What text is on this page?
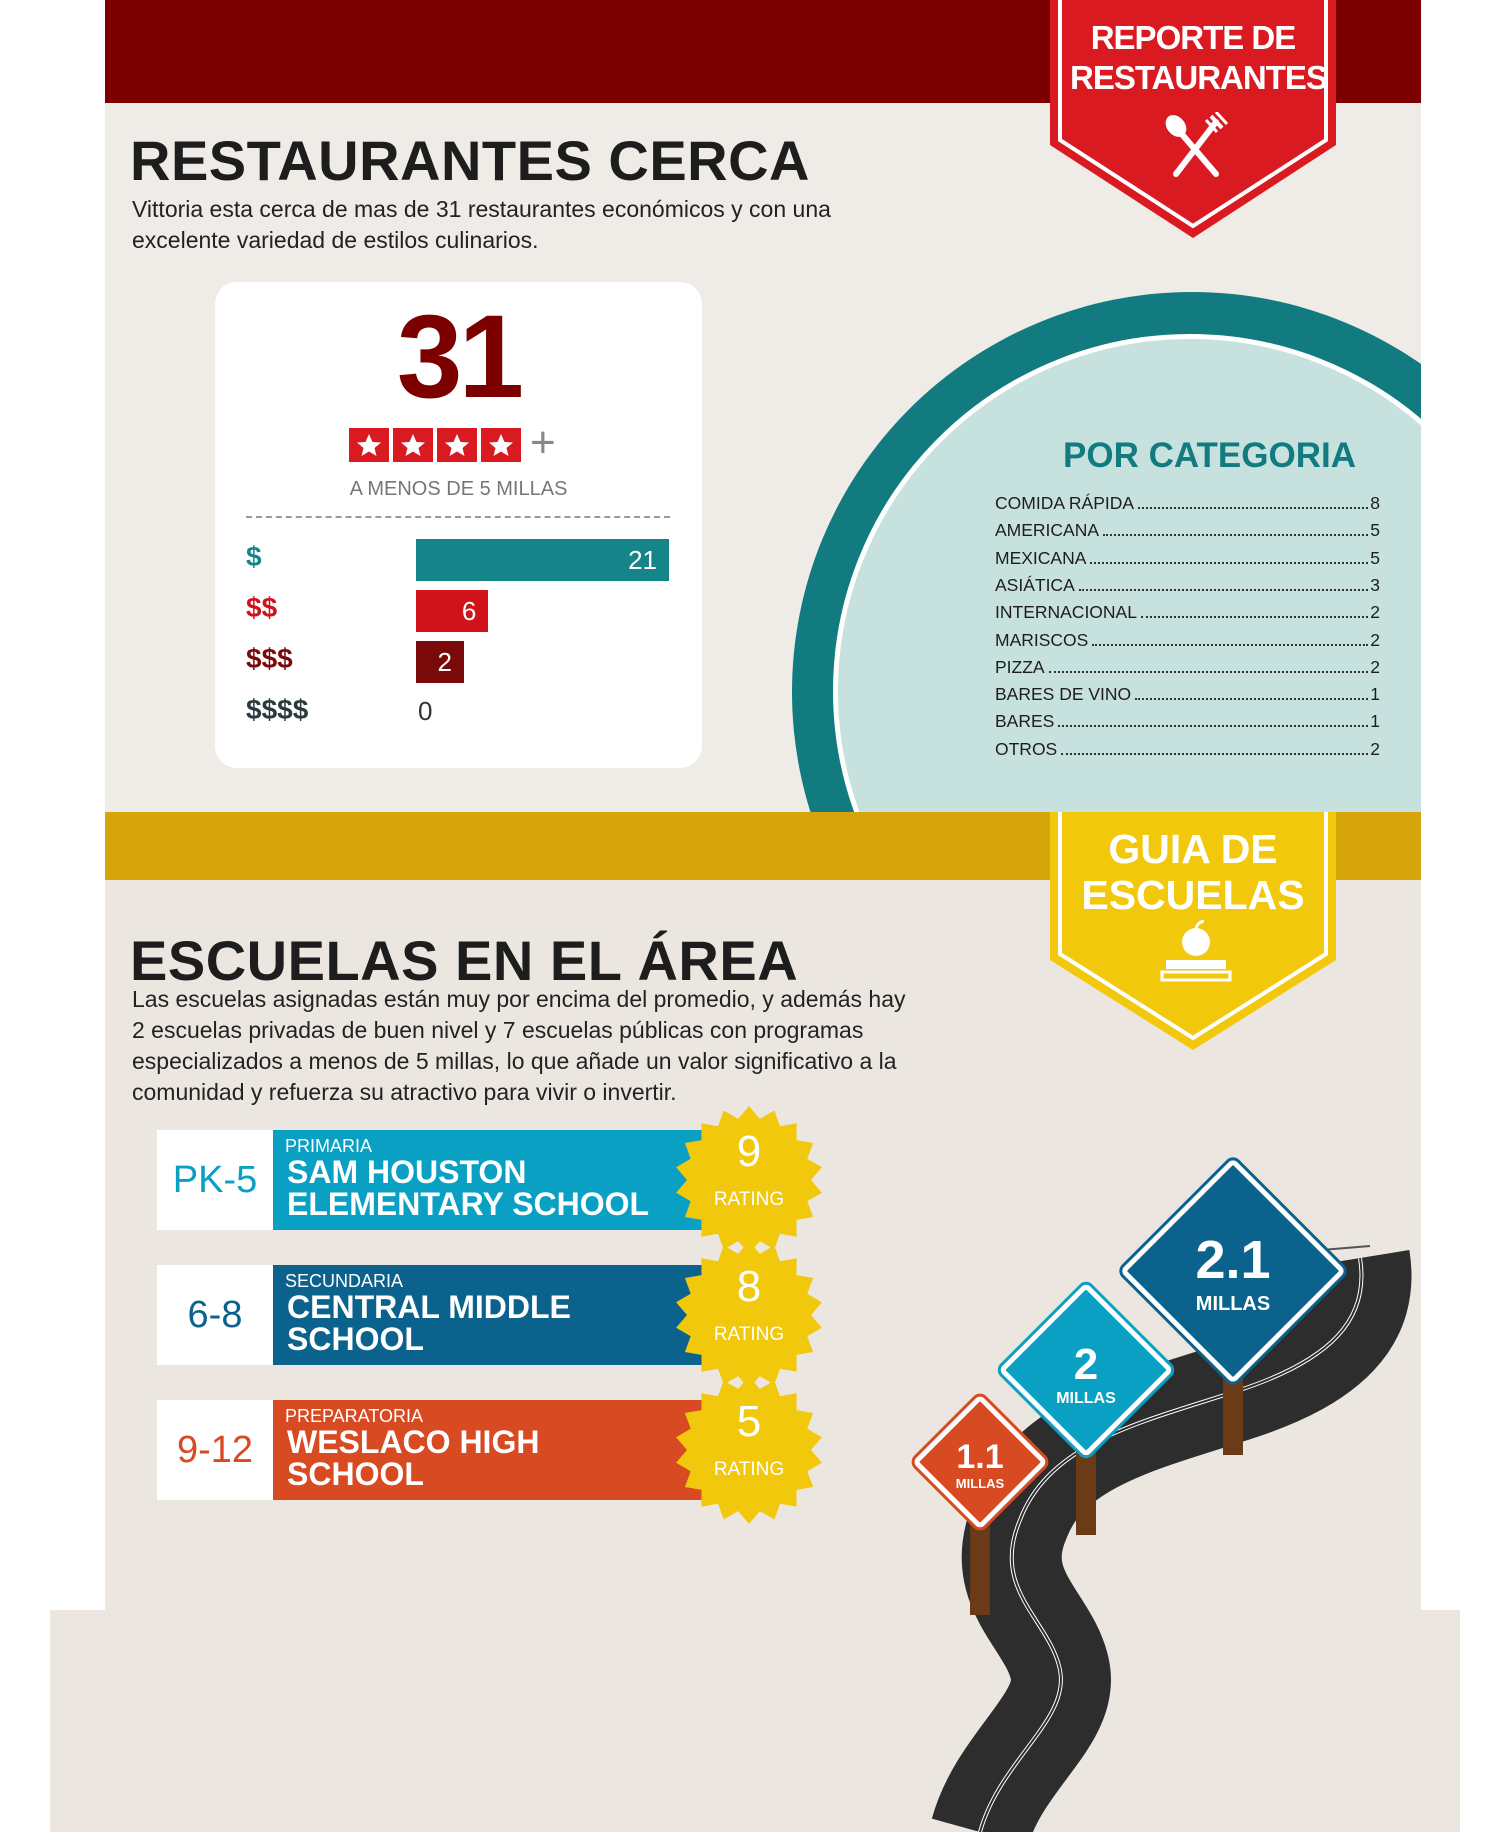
REPORTE DE RESTAURANTES
RESTAURANTES CERCA
Vittoria esta cerca de mas de 31 restaurantes económicos y con una
excelente variedad de estilos culinarios.
31
+
A MENOS DE 5 MILLAS
$	21
$$	6
$$$	2
$$$$	0
POR CATEGORIA
COMIDA RÁPIDA	8
AMERICANA	5
MEXICANA	5
ASIÁTICA	3
INTERNACIONAL	2
MARISCOS	2
PIZZA	2
BARES DE VINO	1
BARES	1
OTROS	2
GUIA DE
ESCUELAS
ESCUELAS EN EL ÁREA
Las escuelas asignadas están muy por encima del promedio, y además hay
2 escuelas privadas de buen nivel y 7 escuelas públicas con programas
especializados a menos de 5 millas, lo que añade un valor significativo a la
comunidad y refuerza su atractivo para vivir o invertir.
PK-5
PRIMARIA
SAM HOUSTON
ELEMENTARY SCHOOL
9
RATING
6-8
SECUNDARIA
CENTRAL MIDDLE
SCHOOL
8
RATING
9-12
PREPARATORIA
WESLACO HIGH
SCHOOL
5
RATING	1.1
MILLAS
2
MILLAS
2.1
MILLAS
